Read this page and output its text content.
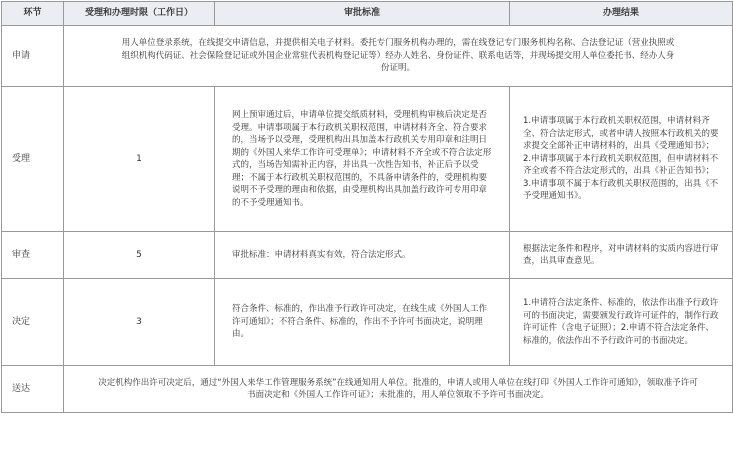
环节	受理和办理时限（工作日）	审批标准	办理结果
申请	用人单位登录系统，在线提交申请信息，并提供相关电子材料。委托专门服务机构办理的，需在线登记专门服务机构名称、合法登记证（营业执照或组织机构代码证、社会保险登记证或外国企业常驻代表机构登记证等）经办人姓名、身份证件、联系电话等，并现场提交用人单位委托书、经办人身份证明。		

受理	1	网上预审通过后，申请单位提交纸质材料，受理机构审核后决定是否受理。申请事项属于本行政机关职权范围，申请材料齐全、符合要求的，当场予以受理，受理机构出具加盖本行政机关专用印章和注明日期的《外国人来华工作许可受理单》；申请材料不齐全或不符合法定形式的，当场告知需补正内容，并出具一次性告知书，补正后予以受理；不属于本行政机关职权范围的，不具备申请条件的，受理机构要说明不予受理的理由和依据，由受理机构出具加盖行政许可专用印章的不予受理通知书。	1.申请事项属于本行政机关职权范围，申请材料齐全、符合法定形式，或者申请人按照本行政机关的要求提交全部补正申请材料的，出具《受理通知书》；2.申请事项属于本行政机关职权范围，但申请材料不齐全或者不符合法定形式的，出具《补正告知书》；3.申请事项不属于本行政机关职权范围的，出具《不予受理通知书》。

审查	5	审批标准：申请材料真实有效，符合法定形式。	根据法定条件和程序，对申请材料的实质内容进行审查，出具审查意见。

决定	3	符合条件、标准的，作出准予行政许可决定，在线生成《外国人工作许可通知》；不符合条件、标准的，作出不予许可书面决定，说明理由。	1.申请符合法定条件、标准的，依法作出准予行政许可的书面决定，需要颁发行政许可证件的，制作行政许可证件（含电子证照）；2.申请不符合法定条件、标准的，依法作出不予行政许可的书面决定。

送达	决定机构作出许可决定后，通过“外国人来华工作管理服务系统”在线通知用人单位。批准的，申请人或用人单位在线打印《外国人工作许可通知》，领取准予许可书面决定和《外国人工作许可证》；未批准的，用人单位领取不予许可书面决定。		
